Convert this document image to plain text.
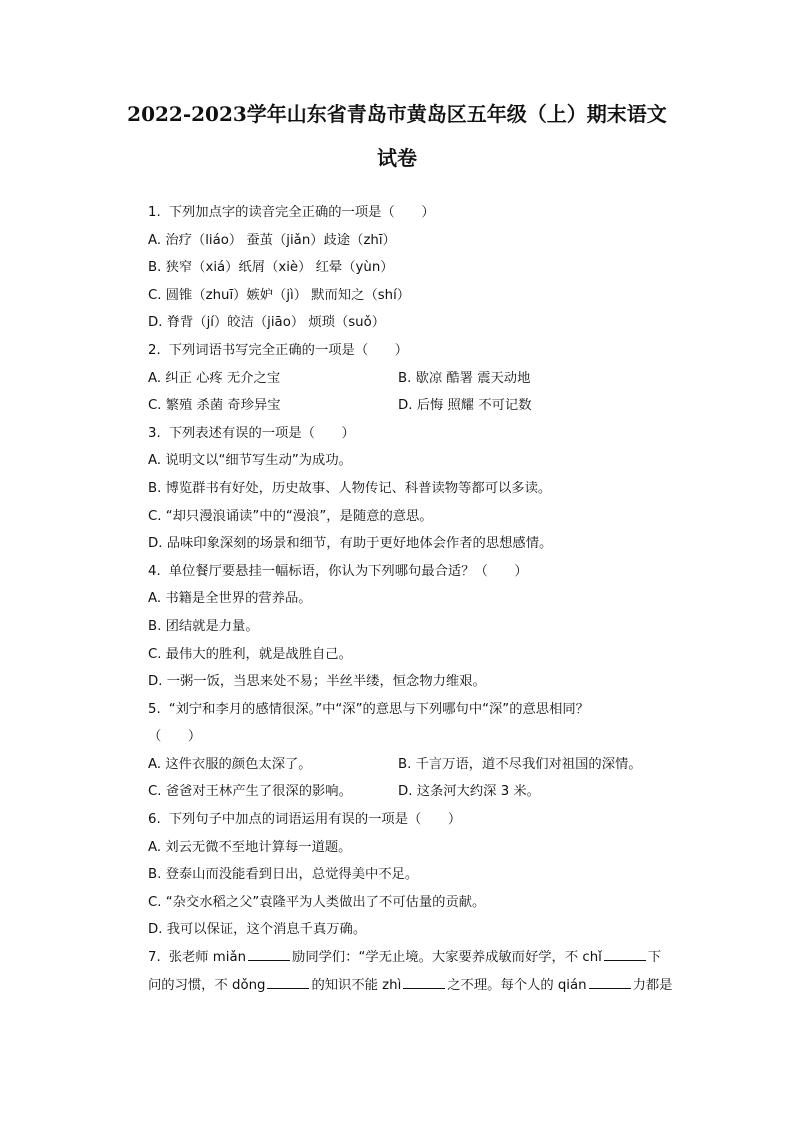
2022-2023学年山东省青岛市黄岛区五年级（上）期末语文
试卷
1. 下列加点字的读音完全正确的一项是（　　）
A. 治疗（liáo） 蚕茧（jiǎn）歧途（zhī）
B. 狭窄（xiá）纸屑（xiè） 红晕（yùn）
C. 圆锥（zhuī）嫉妒（jì） 默而知之（shí）
D. 脊背（jí）皎洁（jiāo） 烦琐（suǒ）
2. 下列词语书写完全正确的一项是（　　）
A. 纠正 心疼 无介之宝	B. 歇凉 酷署 震天动地
C. 繁殖 杀菌 奇珍异宝	D. 后悔 照耀 不可记数
3. 下列表述有误的一项是（　　）
A. 说明文以“细节写生动”为成功。
B. 博览群书有好处，历史故事、人物传记、科普读物等都可以多读。
C. “却只漫浪诵读”中的“漫浪”，是随意的意思。
D. 品味印象深刻的场景和细节，有助于更好地体会作者的思想感情。
4. 单位餐厅要悬挂一幅标语，你认为下列哪句最合适？（　　）
A. 书籍是全世界的营养品。
B. 团结就是力量。
C. 最伟大的胜利，就是战胜自己。
D. 一粥一饭，当思来处不易；半丝半缕，恒念物力维艰。
5. “刘宁和李月的感情很深。”中“深”的意思与下列哪句中“深”的意思相同？
（　　）
A. 这件衣服的颜色太深了。	B. 千言万语，道不尽我们对祖国的深情。
C. 爸爸对王林产生了很深的影响。	D. 这条河大约深 3 米。
6. 下列句子中加点的词语运用有误的一项是（　　）
A. 刘云无微不至地计算每一道题。
B. 登泰山而没能看到日出，总觉得美中不足。
C. “杂交水稻之父”袁隆平为人类做出了不可估量的贡献。
D. 我可以保证，这个消息千真万确。
7. 张老师 miǎn	励同学们：“学无止境。大家要养成敏而好学，不 chǐ	下
问的习惯，不 dǒng	的知识不能 zhì	之不理。每个人的 qián	力都是
